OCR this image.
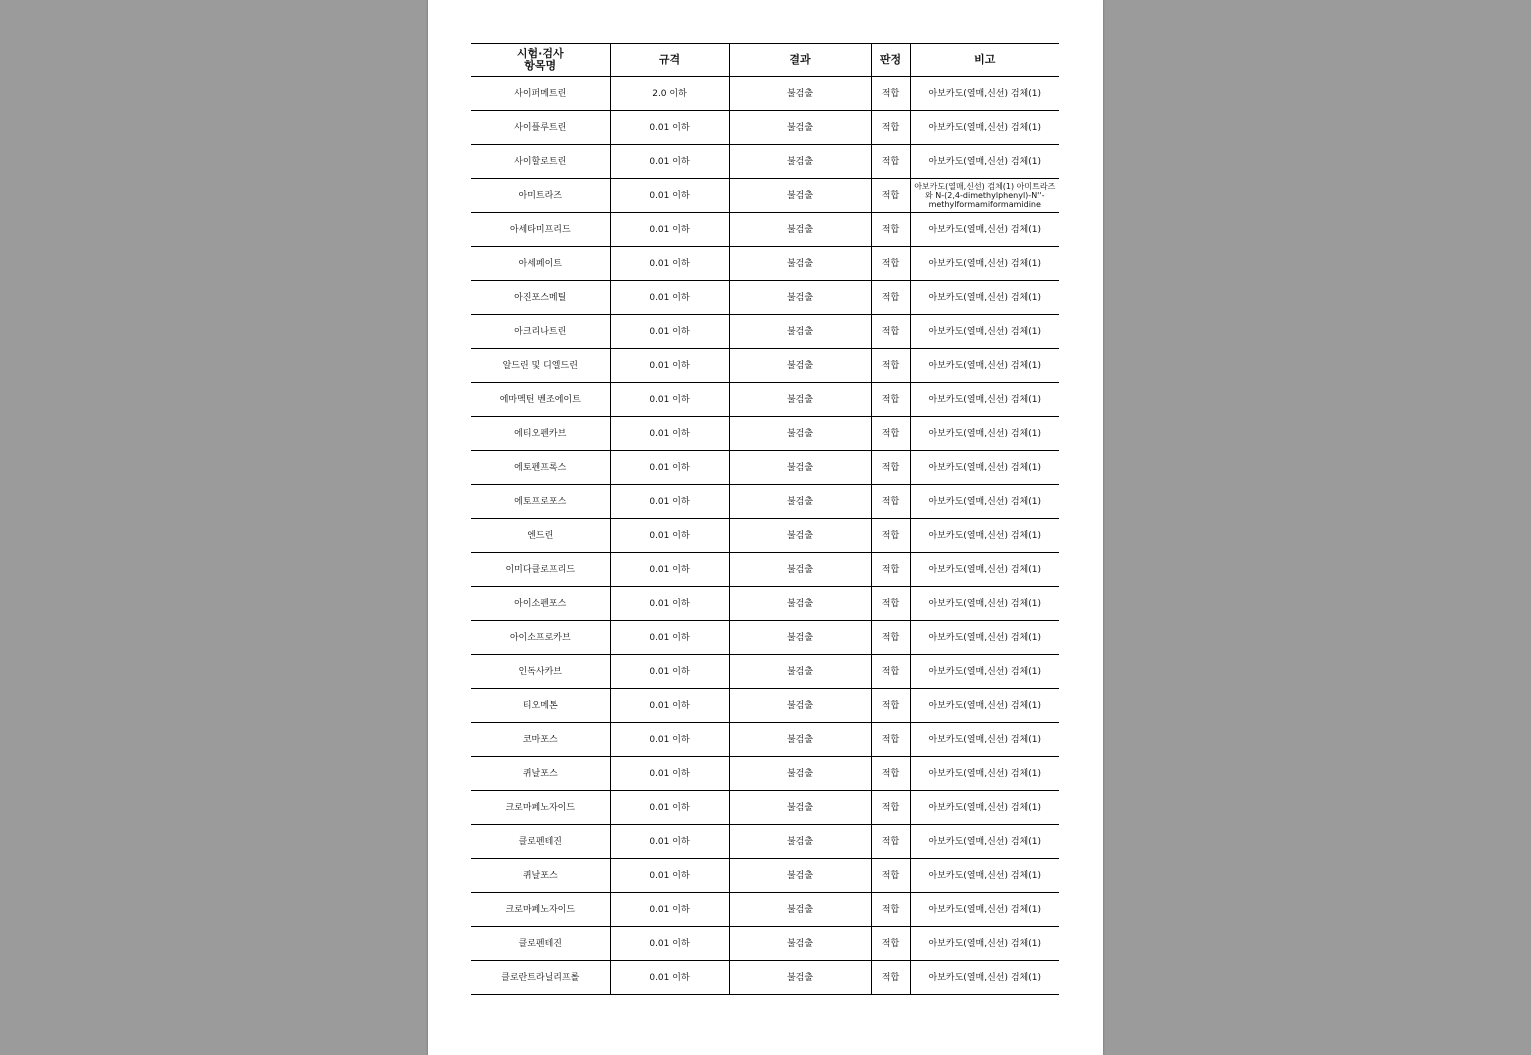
시험·검사
항목명	규격	결과	판정	비고
사이퍼메트린	2.0 이하	불검출	적합	아보카도(열매,신선) 검체(1)
사이플루트린	0.01 이하	불검출	적합	아보카도(열매,신선) 검체(1)
사이할로트린	0.01 이하	불검출	적합	아보카도(열매,신선) 검체(1)
아미트라즈	0.01 이하	불검출	적합	아보카도(열매,신선) 검체(1) 아미트라즈와 N-(2,4-dimethylphenyl)-N''-methylformamiformamidine
아세타미프리드	0.01 이하	불검출	적합	아보카도(열매,신선) 검체(1)
아세페이트	0.01 이하	불검출	적합	아보카도(열매,신선) 검체(1)
아진포스메틸	0.01 이하	불검출	적합	아보카도(열매,신선) 검체(1)
아크리나트린	0.01 이하	불검출	적합	아보카도(열매,신선) 검체(1)
알드린 및 디엘드린	0.01 이하	불검출	적합	아보카도(열매,신선) 검체(1)
에마멕틴 벤조에이트	0.01 이하	불검출	적합	아보카도(열매,신선) 검체(1)
에티오펜카브	0.01 이하	불검출	적합	아보카도(열매,신선) 검체(1)
에토펜프록스	0.01 이하	불검출	적합	아보카도(열매,신선) 검체(1)
에토프로포스	0.01 이하	불검출	적합	아보카도(열매,신선) 검체(1)
엔드린	0.01 이하	불검출	적합	아보카도(열매,신선) 검체(1)
이미다클로프리드	0.01 이하	불검출	적합	아보카도(열매,신선) 검체(1)
아이소펜포스	0.01 이하	불검출	적합	아보카도(열매,신선) 검체(1)
아이소프로카브	0.01 이하	불검출	적합	아보카도(열매,신선) 검체(1)
인독사카브	0.01 이하	불검출	적합	아보카도(열매,신선) 검체(1)
티오메톤	0.01 이하	불검출	적합	아보카도(열매,신선) 검체(1)
코마포스	0.01 이하	불검출	적합	아보카도(열매,신선) 검체(1)
퀴날포스	0.01 이하	불검출	적합	아보카도(열매,신선) 검체(1)
크로마페노자이드	0.01 이하	불검출	적합	아보카도(열매,신선) 검체(1)
클로펜테진	0.01 이하	불검출	적합	아보카도(열매,신선) 검체(1)
퀴날포스	0.01 이하	불검출	적합	아보카도(열매,신선) 검체(1)
크로마페노자이드	0.01 이하	불검출	적합	아보카도(열매,신선) 검체(1)
클로펜테진	0.01 이하	불검출	적합	아보카도(열매,신선) 검체(1)
클로란트라닐리프롤	0.01 이하	불검출	적합	아보카도(열매,신선) 검체(1)
